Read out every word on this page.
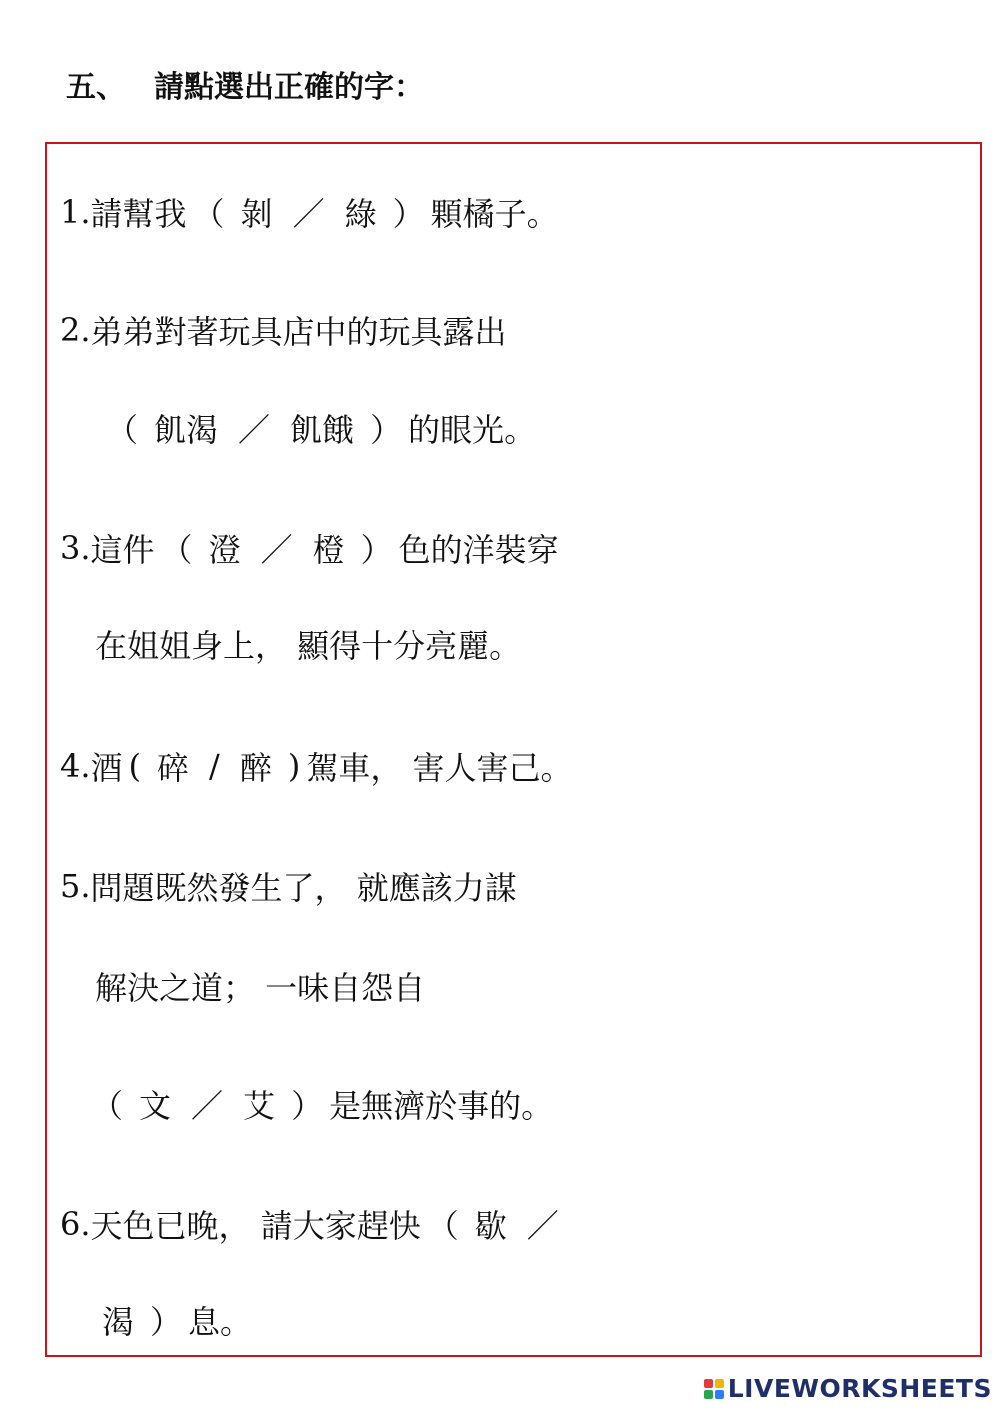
五、 請點選出正確的字：
1. 請幫我 （ 剝 ／ 綠 ） 顆橘子。
2. 弟弟對著玩具店中的玩具露出
（ 飢渴 ／ 飢餓 ） 的眼光。
3. 這件 （ 澄 ／ 橙 ） 色的洋裝穿
在姐姐身上， 顯得十分亮麗。
4. 酒 ( 碎 / 醉 ) 駕車， 害人害己。
5. 問題既然發生了， 就應該力謀
解決之道； 一味自怨自
（ 文 ／ 艾 ） 是無濟於事的。
6. 天色已晚， 請大家趕快 （ 歇 ／
渴 ） 息。
LIVEWORKSHEETS
